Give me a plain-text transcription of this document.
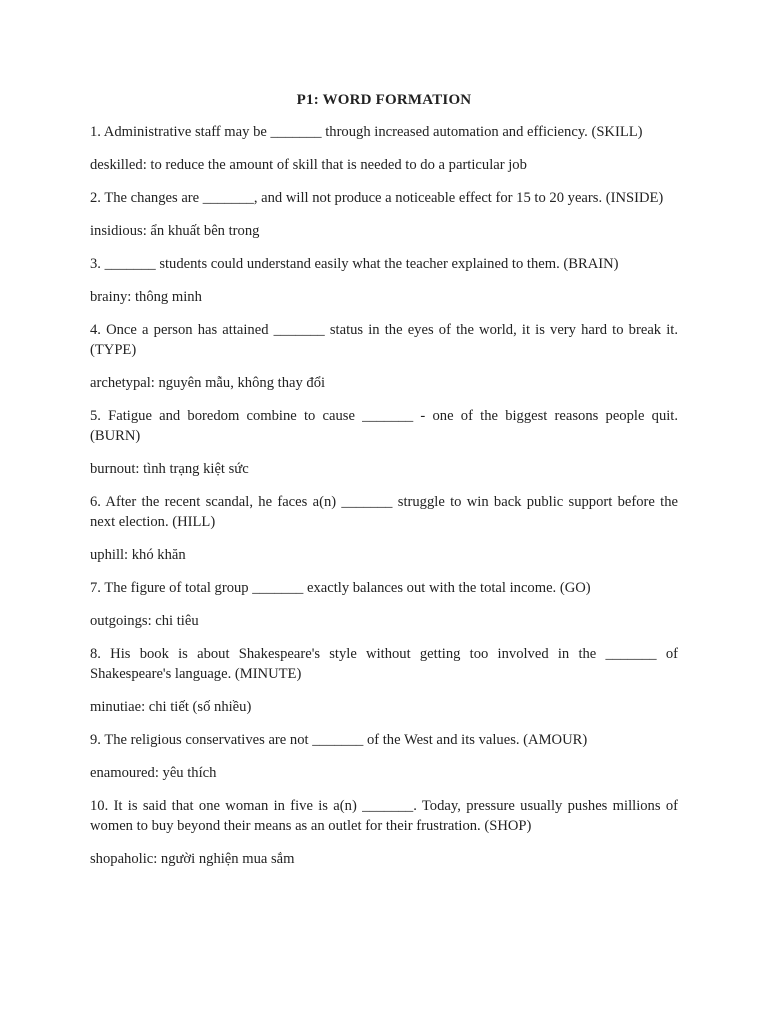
P1: WORD FORMATION

1. Administrative staff may be _______ through increased automation and efficiency. (SKILL)

deskilled: to reduce the amount of skill that is needed to do a particular job

2. The changes are _______, and will not produce a noticeable effect for 15 to 20 years. (INSIDE)

insidious: ẩn khuất bên trong

3. _______ students could understand easily what the teacher explained to them. (BRAIN)

brainy: thông minh

4. Once a person has attained _______ status in the eyes of the world, it is very hard to break it. (TYPE)

archetypal: nguyên mẫu, không thay đổi

5. Fatigue and boredom combine to cause _______ - one of the biggest reasons people quit. (BURN)

burnout: tình trạng kiệt sức

6. After the recent scandal, he faces a(n) _______ struggle to win back public support before the next election. (HILL)

uphill: khó khăn

7. The figure of total group _______ exactly balances out with the total income. (GO)

outgoings: chi tiêu

8. His book is about Shakespeare's style without getting too involved in the _______ of Shakespeare's language. (MINUTE)

minutiae: chi tiết (số nhiều)

9. The religious conservatives are not _______ of the West and its values. (AMOUR)

enamoured: yêu thích

10. It is said that one woman in five is a(n) _______. Today, pressure usually pushes millions of women to buy beyond their means as an outlet for their frustration. (SHOP)

shopaholic: người nghiện mua sắm
